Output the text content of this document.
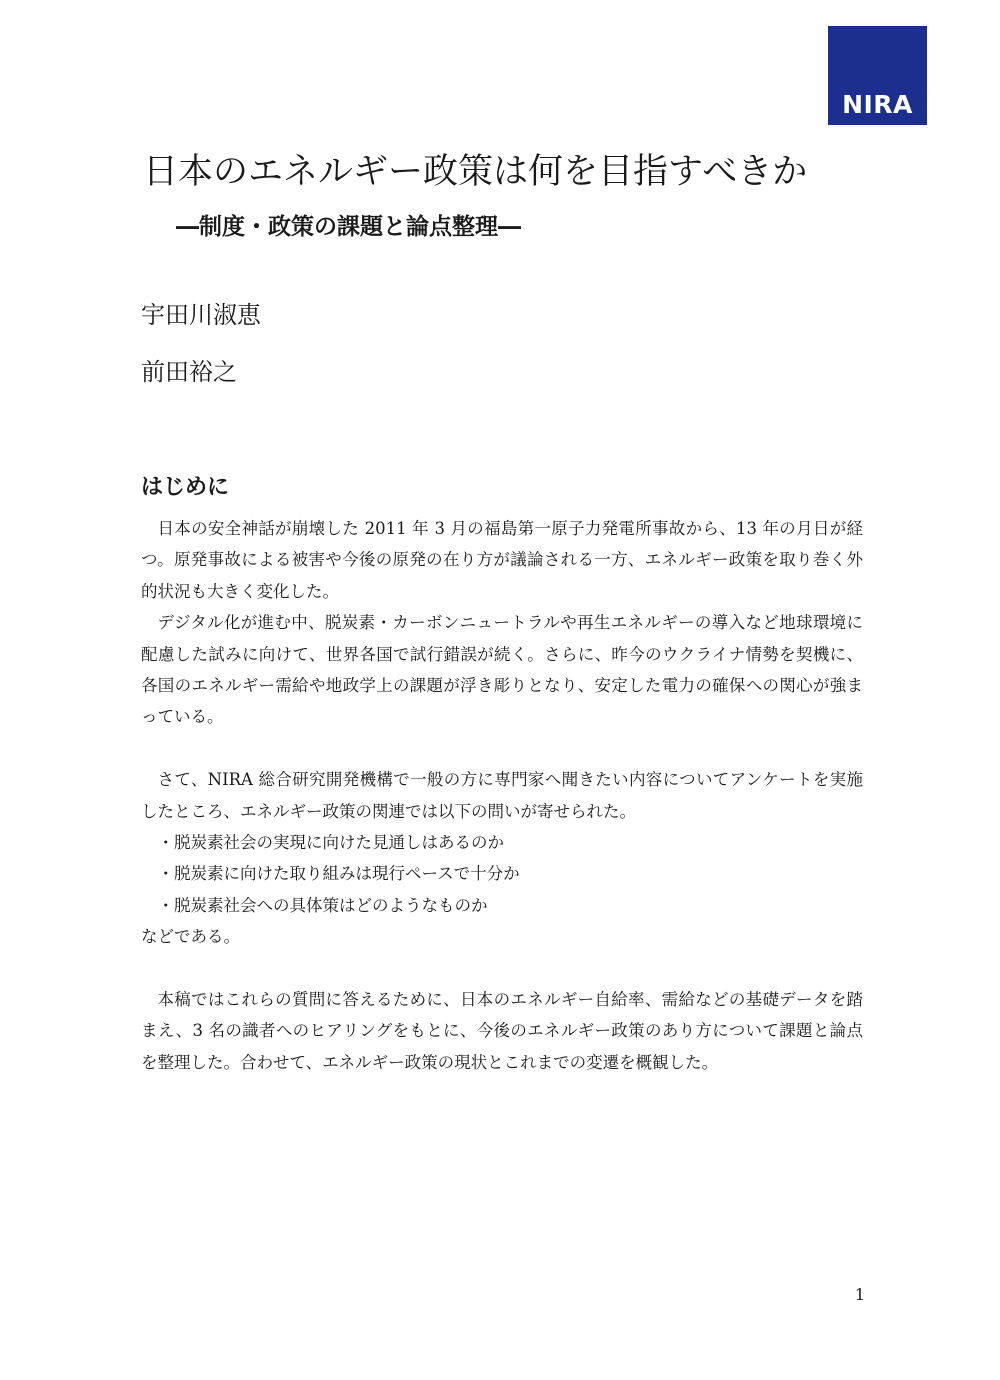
NIRA
日本のエネルギー政策は何を目指すべきか
―制度・政策の課題と論点整理―
宇田川淑恵
前田裕之
はじめに

日本の安全神話が崩壊した 2011 年 3 月の福島第一原子力発電所事故から、13 年の月日が経つ。原発事故による被害や今後の原発の在り方が議論される一方、エネルギー政策を取り巻く外的状況も大きく変化した。

デジタル化が進む中、脱炭素・カーボンニュートラルや再生エネルギーの導入など地球環境に配慮した試みに向けて、世界各国で試行錯誤が続く。さらに、昨今のウクライナ情勢を契機に、各国のエネルギー需給や地政学上の課題が浮き彫りとなり、安定した電力の確保への関心が強まっている。

さて、NIRA 総合研究開発機構で一般の方に専門家へ聞きたい内容についてアンケートを実施したところ、エネルギー政策の関連では以下の問いが寄せられた。

・脱炭素社会の実現に向けた見通しはあるのか

・脱炭素に向けた取り組みは現行ペースで十分か

・脱炭素社会への具体策はどのようなものか

などである。

本稿ではこれらの質問に答えるために、日本のエネルギー自給率、需給などの基礎データを踏まえ、3 名の識者へのヒアリングをもとに、今後のエネルギー政策のあり方について課題と論点を整理した。合わせて、エネルギー政策の現状とこれまでの変遷を概観した。

1
